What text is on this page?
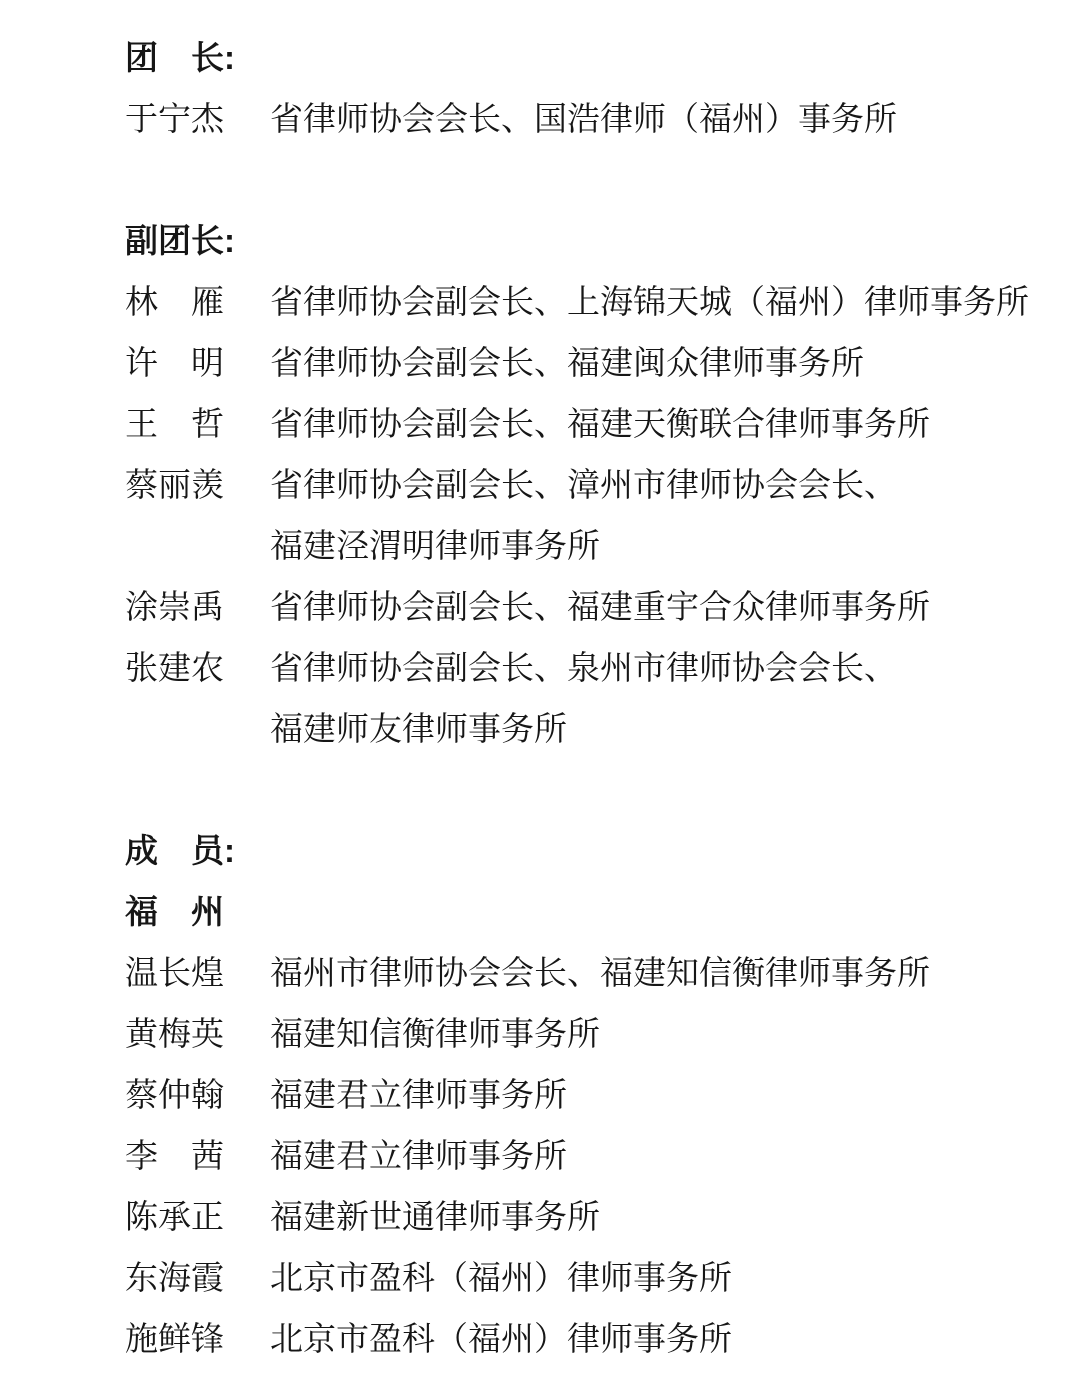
团　长:
于宁杰	省律师协会会长、国浩律师（福州）事务所
副团长:
林　雁	省律师协会副会长、上海锦天城（福州）律师事务所
许　明	省律师协会副会长、福建闽众律师事务所
王　哲	省律师协会副会长、福建天衡联合律师事务所
蔡丽羡	省律师协会副会长、漳州市律师协会会长、
福建泾渭明律师事务所
涂崇禹	省律师协会副会长、福建重宇合众律师事务所
张建农	省律师协会副会长、泉州市律师协会会长、
福建师友律师事务所
成　员:
福　州
温长煌	福州市律师协会会长、福建知信衡律师事务所
黄梅英	福建知信衡律师事务所
蔡仲翰	福建君立律师事务所
李　茜	福建君立律师事务所
陈承正	福建新世通律师事务所
东海霞	北京市盈科（福州）律师事务所
施鲜锋	北京市盈科（福州）律师事务所
